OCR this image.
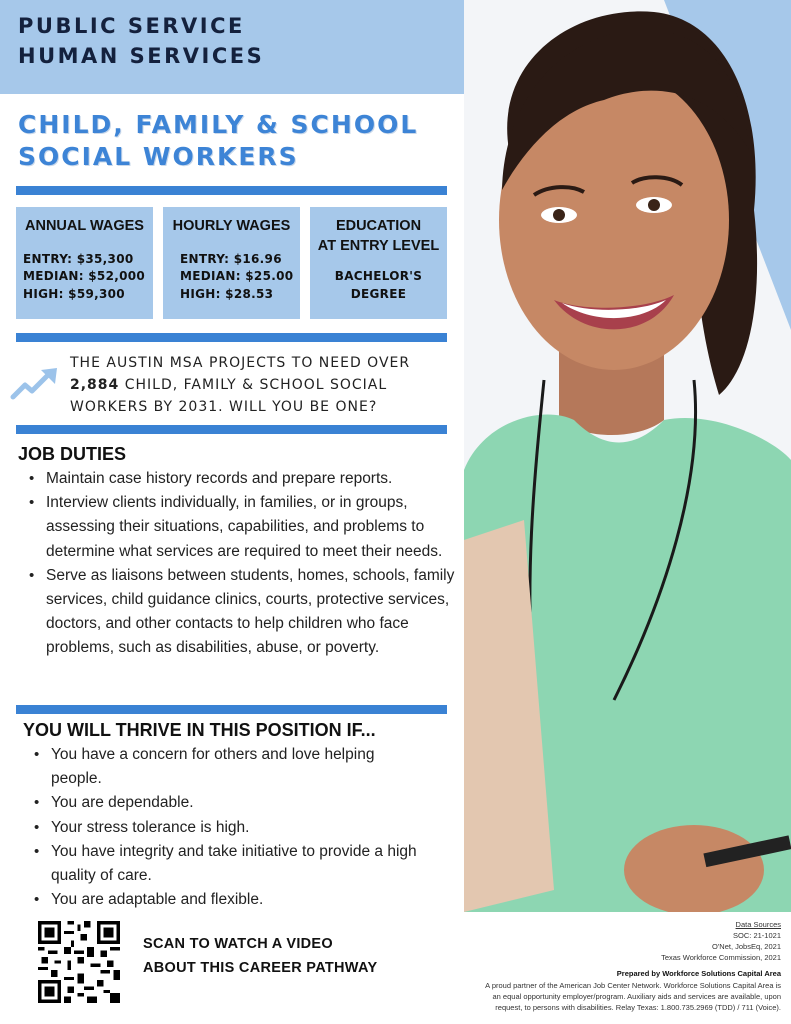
PUBLIC SERVICE
HUMAN SERVICES
CHILD, FAMILY & SCHOOL
SOCIAL WORKERS
ANNUAL WAGES
ENTRY: $35,300
MEDIAN: $52,000
HIGH: $59,300
HOURLY WAGES
ENTRY: $16.96
MEDIAN: $25.00
HIGH: $28.53
EDUCATION
AT ENTRY LEVEL
BACHELOR'S
DEGREE
THE AUSTIN MSA PROJECTS TO NEED OVER
2,884 CHILD, FAMILY & SCHOOL SOCIAL
WORKERS BY 2031. WILL YOU BE ONE?
JOB DUTIES
• Maintain case history records and prepare reports.
• Interview clients individually, in families, or in groups, assessing their situations, capabilities, and problems to determine what services are required to meet their needs.
• Serve as liaisons between students, homes, schools, family services, child guidance clinics, courts, protective services, doctors, and other contacts to help children who face problems, such as disabilities, abuse, or poverty.
YOU WILL THRIVE IN THIS POSITION IF...
• You have a concern for others and love helping people.
• You are dependable.
• Your stress tolerance is high.
• You have integrity and take initiative to provide a high quality of care.
• You are adaptable and flexible.
SCAN TO WATCH A VIDEO
ABOUT THIS CAREER PATHWAY
Data Sources
SOC: 21-1021
O'Net, JobsEq, 2021
Texas Workforce Commission, 2021
Prepared by Workforce Solutions Capital Area
A proud partner of the American Job Center Network. Workforce Solutions Capital Area is
an equal opportunity employer/program. Auxiliary aids and services are available, upon
request, to persons with disabilities. Relay Texas: 1.800.735.2969 (TDD) / 711 (Voice).
